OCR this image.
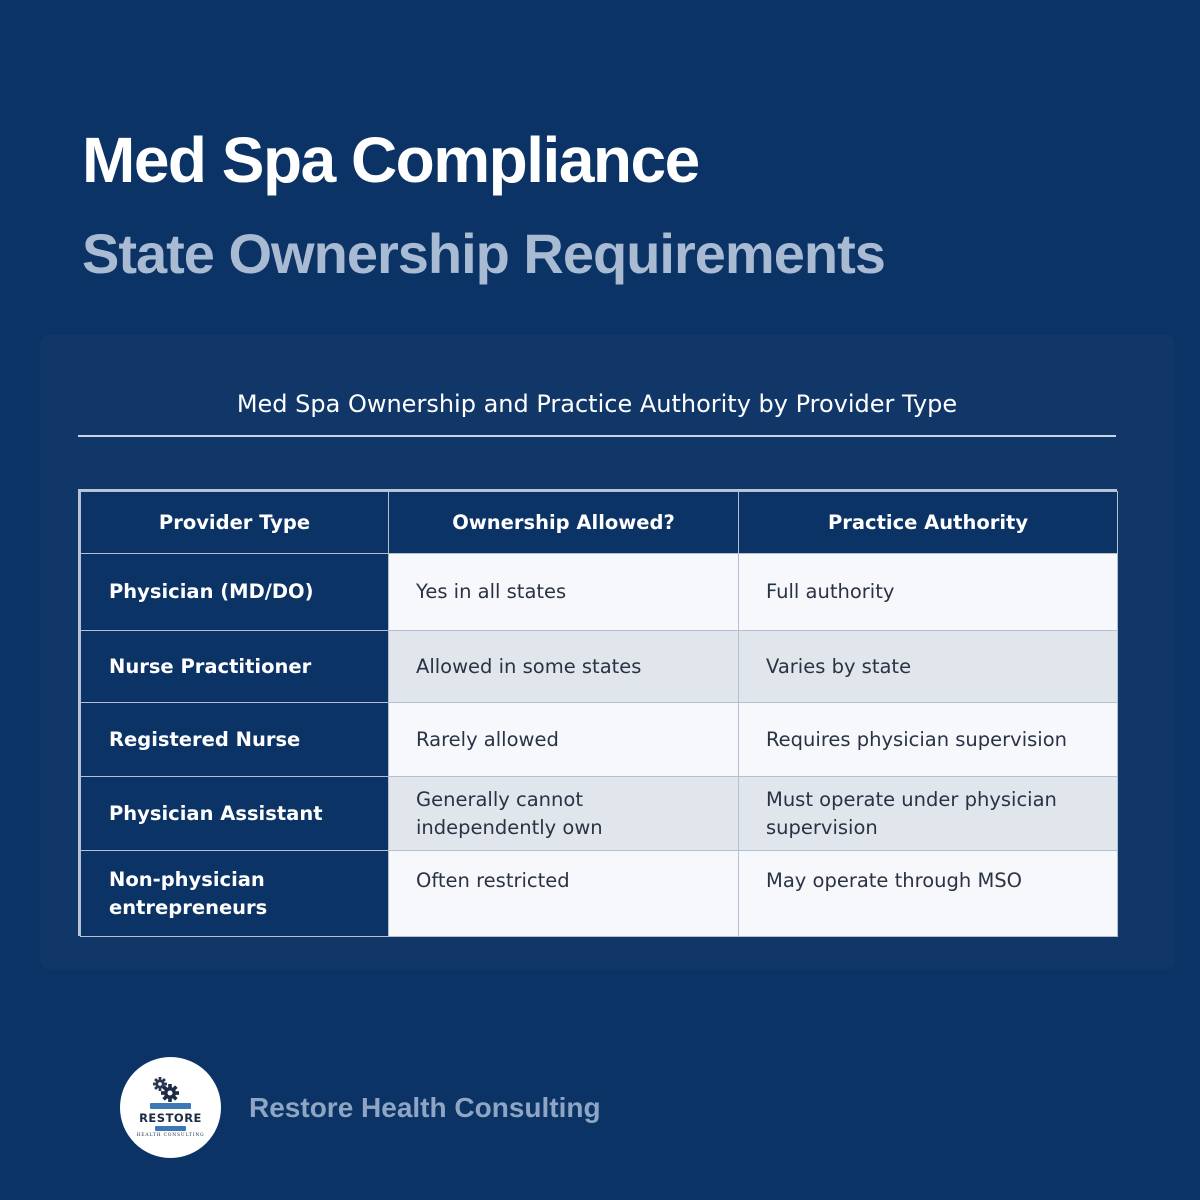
Med Spa Compliance
State Ownership Requirements

Med Spa Ownership and Practice Authority by Provider Type

Provider Type	Ownership Allowed?	Practice Authority
Physician (MD/DO)	Yes in all states	Full authority
Nurse Practitioner	Allowed in some states	Varies by state
Registered Nurse	Rarely allowed	Requires physician supervision
Physician Assistant	Generally cannot independently own	Must operate under physician supervision
Non-physician entrepreneurs	Often restricted	May operate through MSO
RESTORE
HEALTH CONSULTING

Restore Health Consulting
